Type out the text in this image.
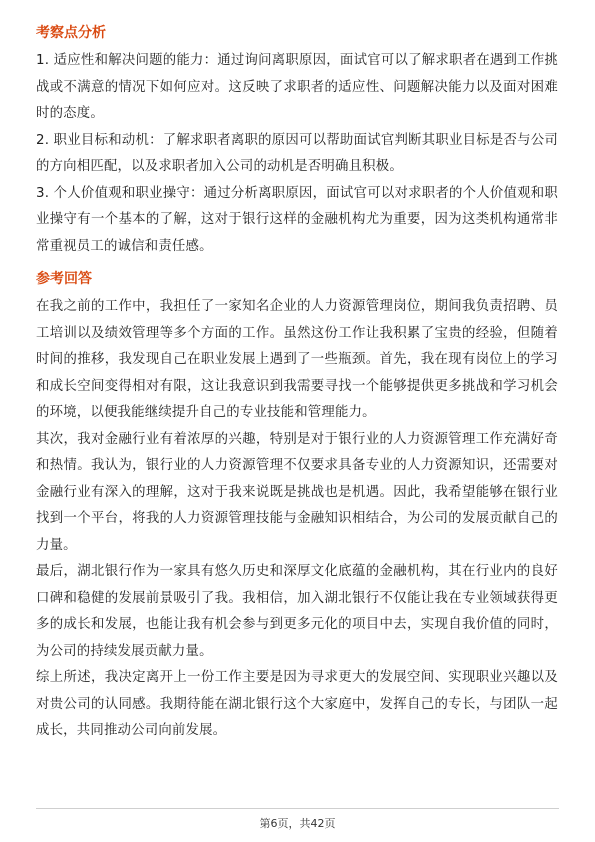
考察点分析

1. 适应性和解决问题的能力：通过询问离职原因，面试官可以了解求职者在遇到工作挑战或不满意的情况下如何应对。这反映了求职者的适应性、问题解决能力以及面对困难时的态度。

2. 职业目标和动机：了解求职者离职的原因可以帮助面试官判断其职业目标是否与公司的方向相匹配，以及求职者加入公司的动机是否明确且积极。

3. 个人价值观和职业操守：通过分析离职原因，面试官可以对求职者的个人价值观和职业操守有一个基本的了解，这对于银行这样的金融机构尤为重要，因为这类机构通常非常重视员工的诚信和责任感。

参考回答

在我之前的工作中，我担任了一家知名企业的人力资源管理岗位，期间我负责招聘、员工培训以及绩效管理等多个方面的工作。虽然这份工作让我积累了宝贵的经验，但随着时间的推移，我发现自己在职业发展上遇到了一些瓶颈。首先，我在现有岗位上的学习和成长空间变得相对有限，这让我意识到我需要寻找一个能够提供更多挑战和学习机会的环境，以便我能继续提升自己的专业技能和管理能力。

其次，我对金融行业有着浓厚的兴趣，特别是对于银行业的人力资源管理工作充满好奇和热情。我认为，银行业的人力资源管理不仅要求具备专业的人力资源知识，还需要对金融行业有深入的理解，这对于我来说既是挑战也是机遇。因此，我希望能够在银行业找到一个平台，将我的人力资源管理技能与金融知识相结合，为公司的发展贡献自己的力量。

最后，湖北银行作为一家具有悠久历史和深厚文化底蕴的金融机构，其在行业内的良好口碑和稳健的发展前景吸引了我。我相信，加入湖北银行不仅能让我在专业领域获得更多的成长和发展，也能让我有机会参与到更多元化的项目中去，实现自我价值的同时，为公司的持续发展贡献力量。

综上所述，我决定离开上一份工作主要是因为寻求更大的发展空间、实现职业兴趣以及对贵公司的认同感。我期待能在湖北银行这个大家庭中，发挥自己的专长，与团队一起成长，共同推动公司向前发展。

第6页，共42页
